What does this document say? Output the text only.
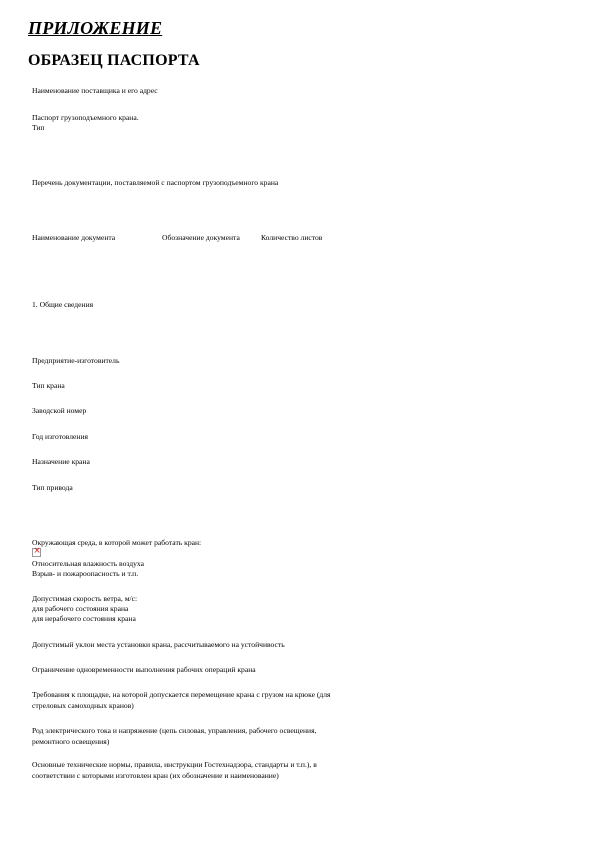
ПРИЛОЖЕНИЕ
ОБРАЗЕЦ ПАСПОРТА
Наименование поставщика и его адрес
Паспорт грузоподъемного крана.
Тип
Перечень документации, поставляемой с паспортом грузоподъемного крана
Наименование документа	Обозначение документа	Количество листов
1. Общие сведения
Предприятие-изготовитель
Тип крана
Заводской номер
Год изготовления
Назначение крана
Тип привода
Окружающая среда, в которой может работать кран:
×
Относительная влажность воздуха
Взрыв- и пожароопасность и т.п.
Допустимая скорость ветра, м/с:
для рабочего состояния крана
для нерабочего состояния крана
Допустимый уклон места установки крана, рассчитываемого на устойчивость
Ограничение одновременности выполнения рабочих операций крана
Требования к площадке, на которой допускается перемещение крана с грузом на крюке (для стреловых самоходных кранов)
Род электрического тока и напряжение (цепь силовая, управления, рабочего освещения, ремонтного освещения)
Основные технические нормы, правила, инструкции Гостехнадзора, стандарты и т.п.), в соответствии с которыми изготовлен кран (их обозначение и наименование)
